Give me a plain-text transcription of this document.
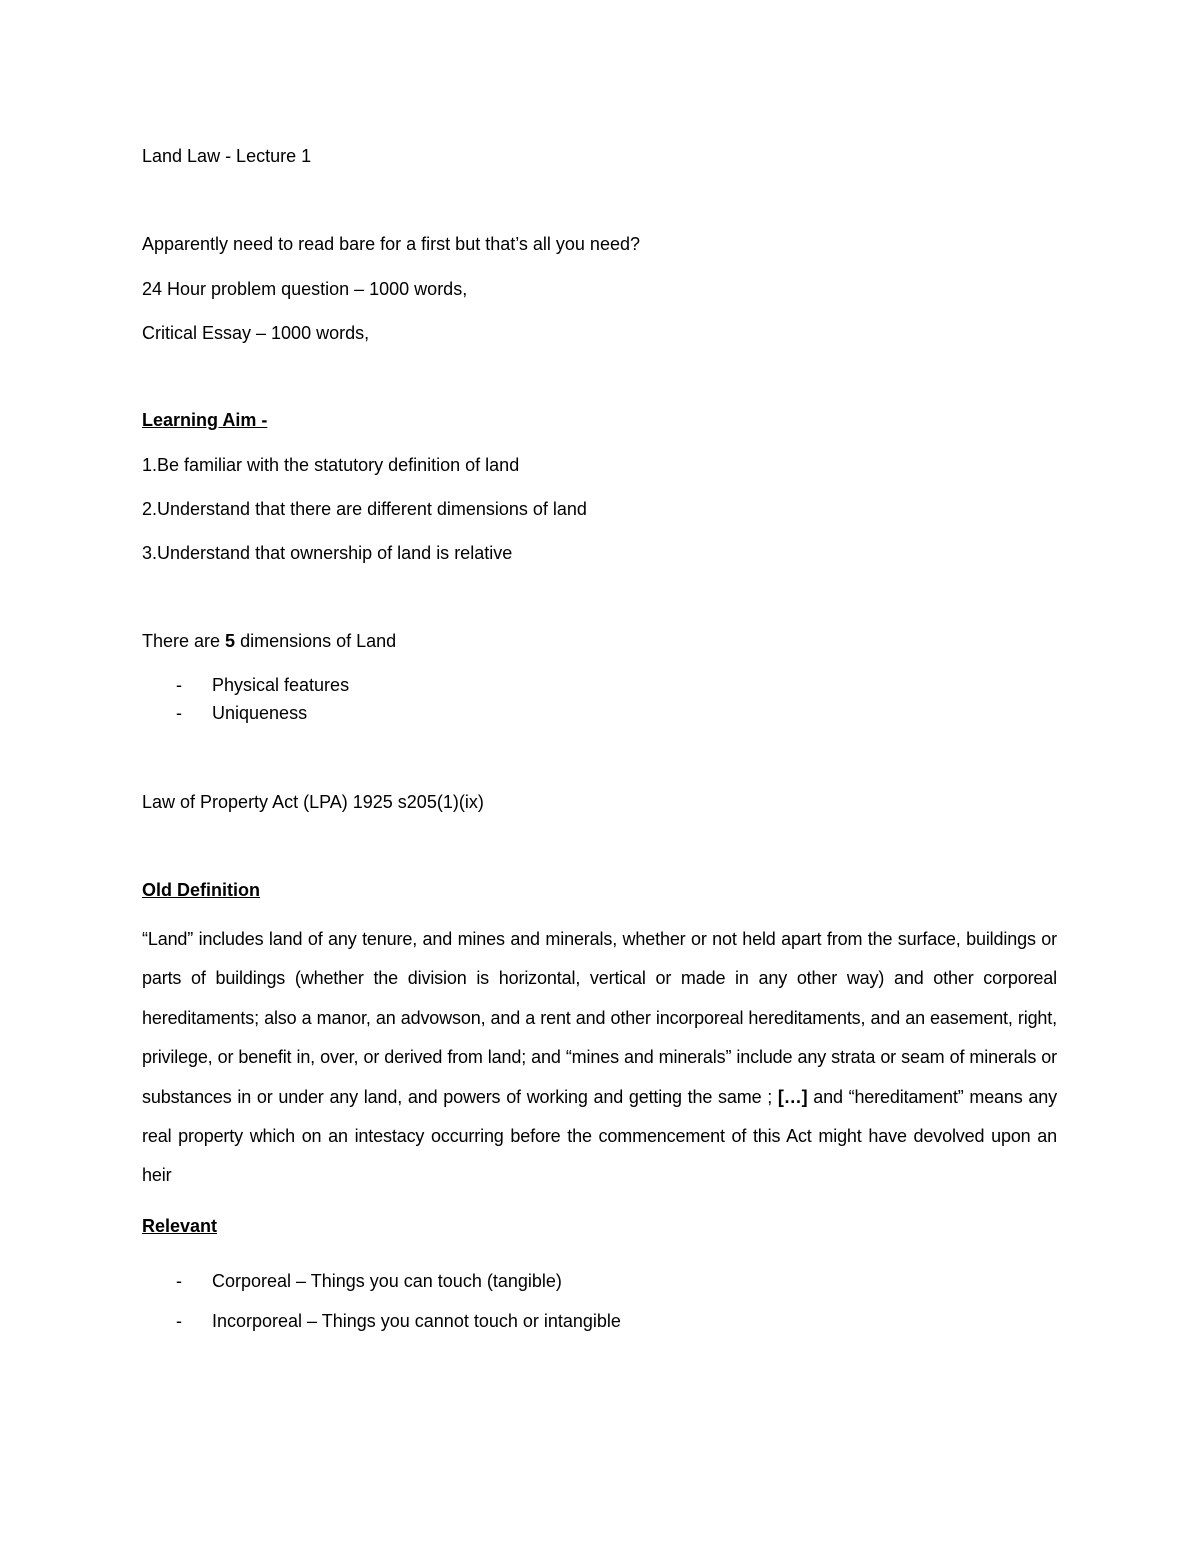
Land Law - Lecture 1
Apparently need to read bare for a first but that’s all you need?
24 Hour problem question – 1000 words,
Critical Essay – 1000 words,
Learning Aim -
1.Be familiar with the statutory definition of land
2.Understand that there are different dimensions of land
3.Understand that ownership of land is relative
There are 5 dimensions of Land
- Physical features
- Uniqueness
Law of Property Act (LPA) 1925 s205(1)(ix)
Old Definition
“Land” includes land of any tenure, and mines and minerals, whether or not held apart from the surface, buildings or parts of buildings (whether the division is horizontal, vertical or made in any other way) and other corporeal hereditaments; also a manor, an advowson, and a rent and other incorporeal hereditaments, and an easement, right, privilege, or benefit in, over, or derived from land; and “mines and minerals” include any strata or seam of minerals or substances in or under any land, and powers of working and getting the same ; […] and “hereditament” means any real property which on an intestacy occurring before the commencement of this Act might have devolved upon an heir
Relevant
- Corporeal – Things you can touch (tangible)
- Incorporeal – Things you cannot touch or intangible
